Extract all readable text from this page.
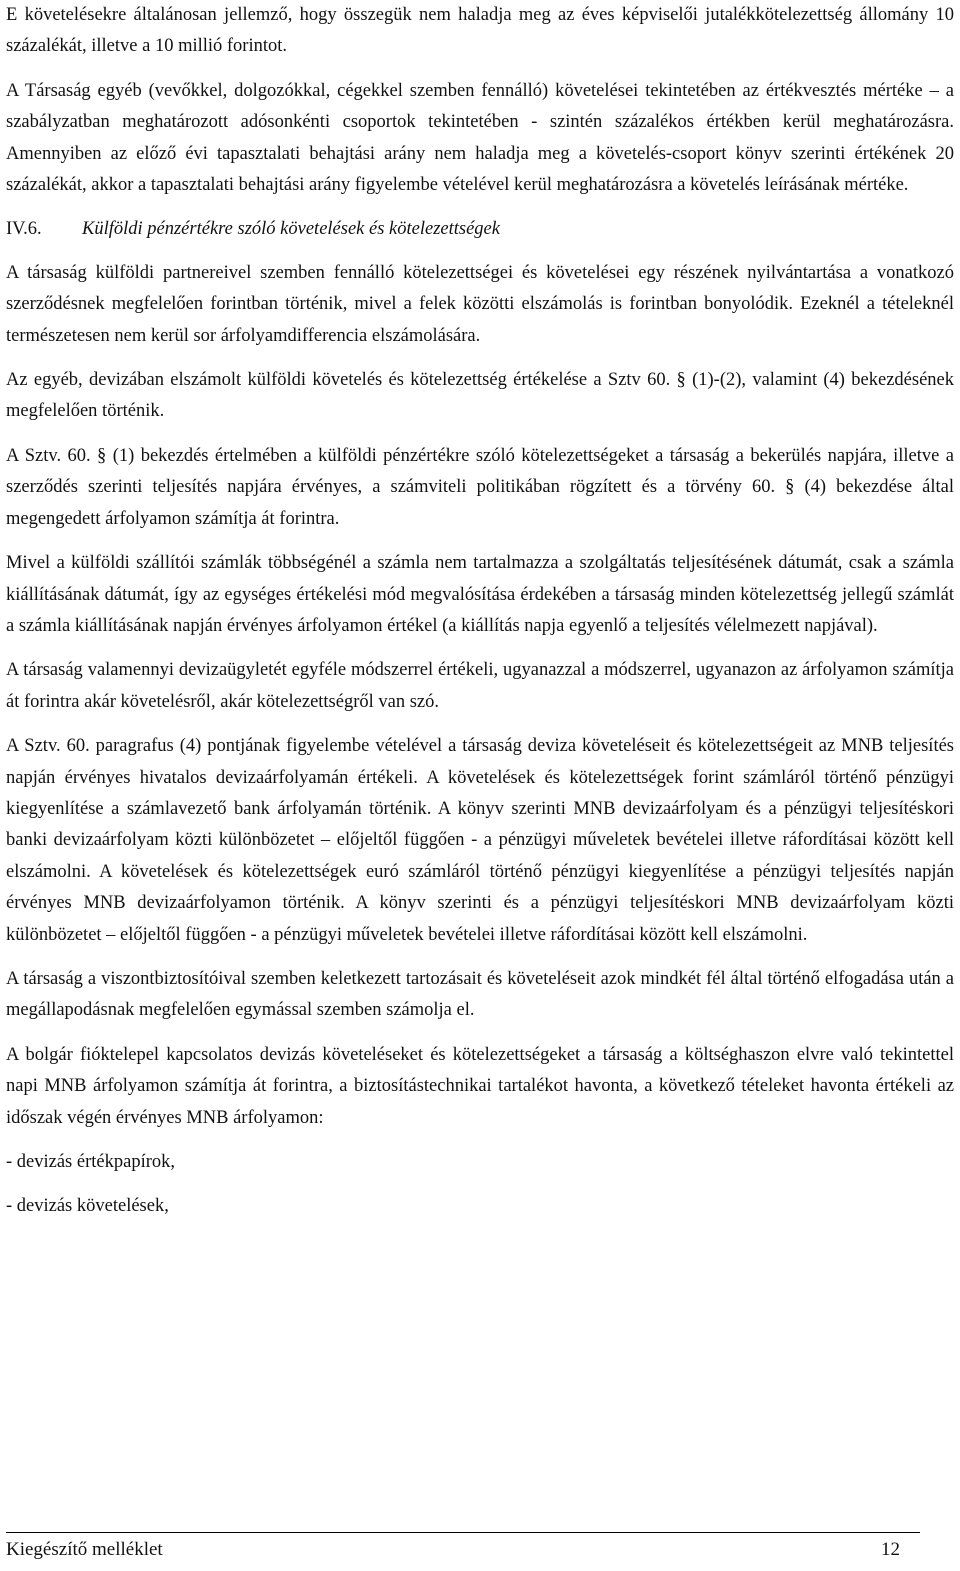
E követelésekre általánosan jellemző, hogy összegük nem haladja meg az éves képviselői jutalékkötelezettség állomány 10 százalékát, illetve a 10 millió forintot.

A Társaság egyéb (vevőkkel, dolgozókkal, cégekkel szemben fennálló) követelései tekintetében az értékvesztés mértéke – a szabályzatban meghatározott adósonkénti csoportok tekintetében - szintén százalékos értékben kerül meghatározásra. Amennyiben az előző évi tapasztalati behajtási arány nem haladja meg a követelés-csoport könyv szerinti értékének 20 százalékát, akkor a tapasztalati behajtási arány figyelembe vételével kerül meghatározásra a követelés leírásának mértéke.

IV.6.	Külföldi pénzértékre szóló követelések és kötelezettségek

A társaság külföldi partnereivel szemben fennálló kötelezettségei és követelései egy részének nyilvántartása a vonatkozó szerződésnek megfelelően forintban történik, mivel a felek közötti elszámolás is forintban bonyolódik. Ezeknél a tételeknél természetesen nem kerül sor árfolyamdifferencia elszámolására.

Az egyéb, devizában elszámolt külföldi követelés és kötelezettség értékelése a Sztv 60. § (1)-(2), valamint (4) bekezdésének megfelelően történik.

A Sztv. 60. § (1) bekezdés értelmében a külföldi pénzértékre szóló kötelezettségeket a társaság a bekerülés napjára, illetve a szerződés szerinti teljesítés napjára érvényes, a számviteli politikában rögzített és a törvény 60. § (4) bekezdése által megengedett árfolyamon számítja át forintra.

Mivel a külföldi szállítói számlák többségénél a számla nem tartalmazza a szolgáltatás teljesítésének dátumát, csak a számla kiállításának dátumát, így az egységes értékelési mód megvalósítása érdekében a társaság minden kötelezettség jellegű számlát a számla kiállításának napján érvényes árfolyamon értékel (a kiállítás napja egyenlő a teljesítés vélelmezett napjával).

A társaság valamennyi devizaügyletét egyféle módszerrel értékeli, ugyanazzal a módszerrel, ugyanazon az árfolyamon számítja át forintra akár követelésről, akár kötelezettségről van szó.

A Sztv. 60. paragrafus (4) pontjának figyelembe vételével a társaság deviza követeléseit és kötelezettségeit az MNB teljesítés napján érvényes hivatalos devizaárfolyamán értékeli. A követelések és kötelezettségek forint számláról történő pénzügyi kiegyenlítése a számlavezető bank árfolyamán történik. A könyv szerinti MNB devizaárfolyam és a pénzügyi teljesítéskori banki devizaárfolyam közti különbözetet – előjeltől függően - a pénzügyi műveletek bevételei illetve ráfordításai között kell elszámolni. A követelések és kötelezettségek euró számláról történő pénzügyi kiegyenlítése a pénzügyi teljesítés napján érvényes MNB devizaárfolyamon történik. A könyv szerinti és a pénzügyi teljesítéskori MNB devizaárfolyam közti különbözetet – előjeltől függően - a pénzügyi műveletek bevételei illetve ráfordításai között kell elszámolni.

A társaság a viszontbiztosítóival szemben keletkezett tartozásait és követeléseit azok mindkét fél által történő elfogadása után a megállapodásnak megfelelően egymással szemben számolja el.

A bolgár fióktelepel kapcsolatos devizás követeléseket és kötelezettségeket a társaság a költséghaszon elvre való tekintettel napi MNB árfolyamon számítja át forintra, a biztosítástechnikai tartalékot havonta, a következő tételeket havonta értékeli az időszak végén érvényes MNB árfolyamon:

- devizás értékpapírok,

- devizás követelések,

Kiegészítő melléklet	12
